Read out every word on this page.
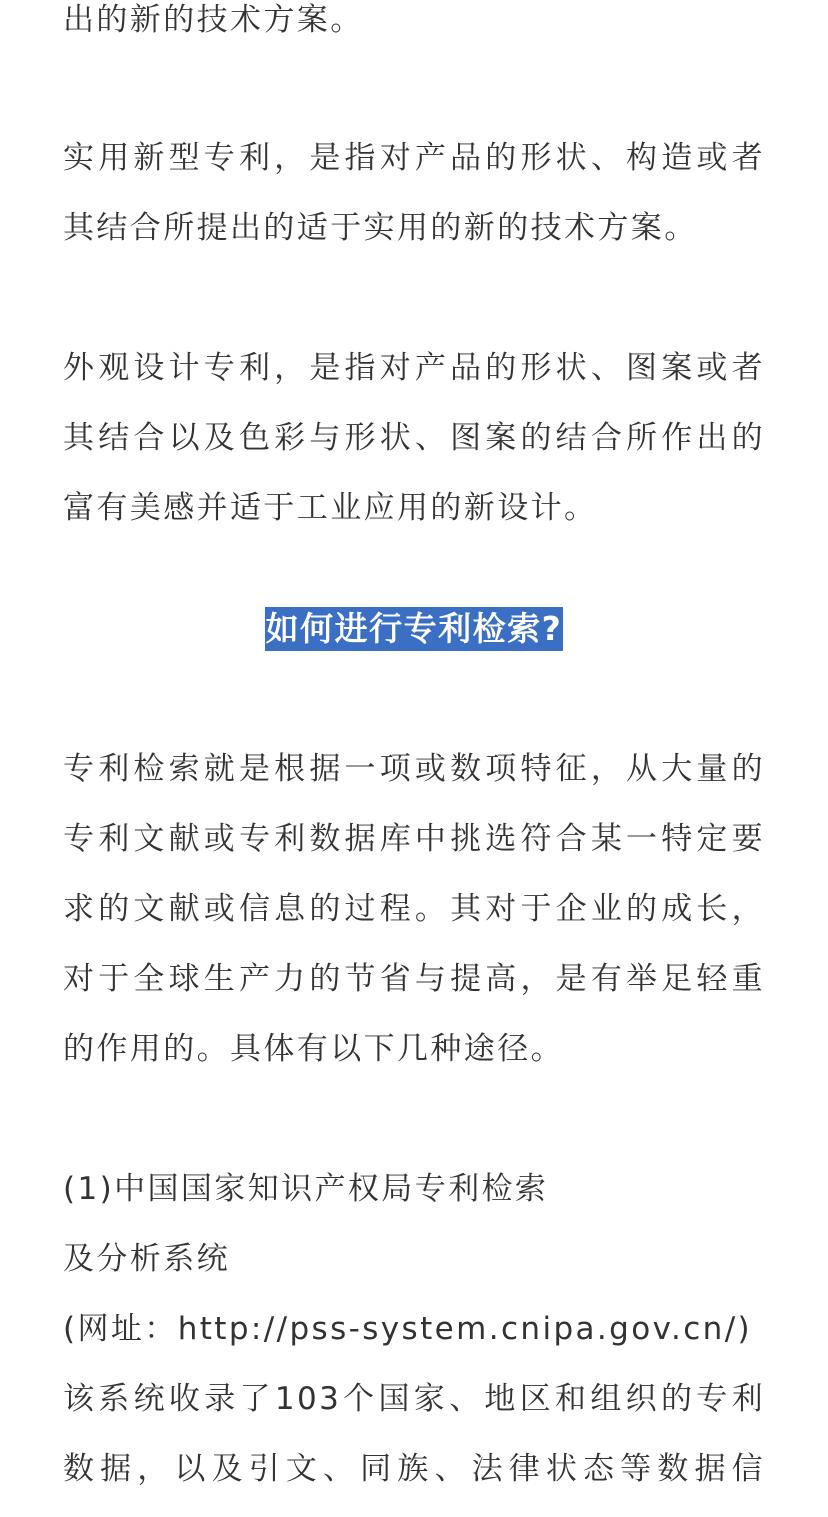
出的新的技术方案。
实用新型专利，是指对产品的形状、构造或者
其结合所提出的适于实用的新的技术方案。
外观设计专利，是指对产品的形状、图案或者
其结合以及色彩与形状、图案的结合所作出的
富有美感并适于工业应用的新设计。
如何进行专利检索?
专利检索就是根据一项或数项特征，从大量的
专利文献或专利数据库中挑选符合某一特定要
求的文献或信息的过程。其对于企业的成长，
对于全球生产力的节省与提高，是有举足轻重
的作用的。具体有以下几种途径。
(1)中国国家知识产权局专利检索
及分析系统
(网址：http://pss-system.cnipa.gov.cn/)
该系统收录了103个国家、地区和组织的专利
数据，以及引文、同族、法律状态等数据信
